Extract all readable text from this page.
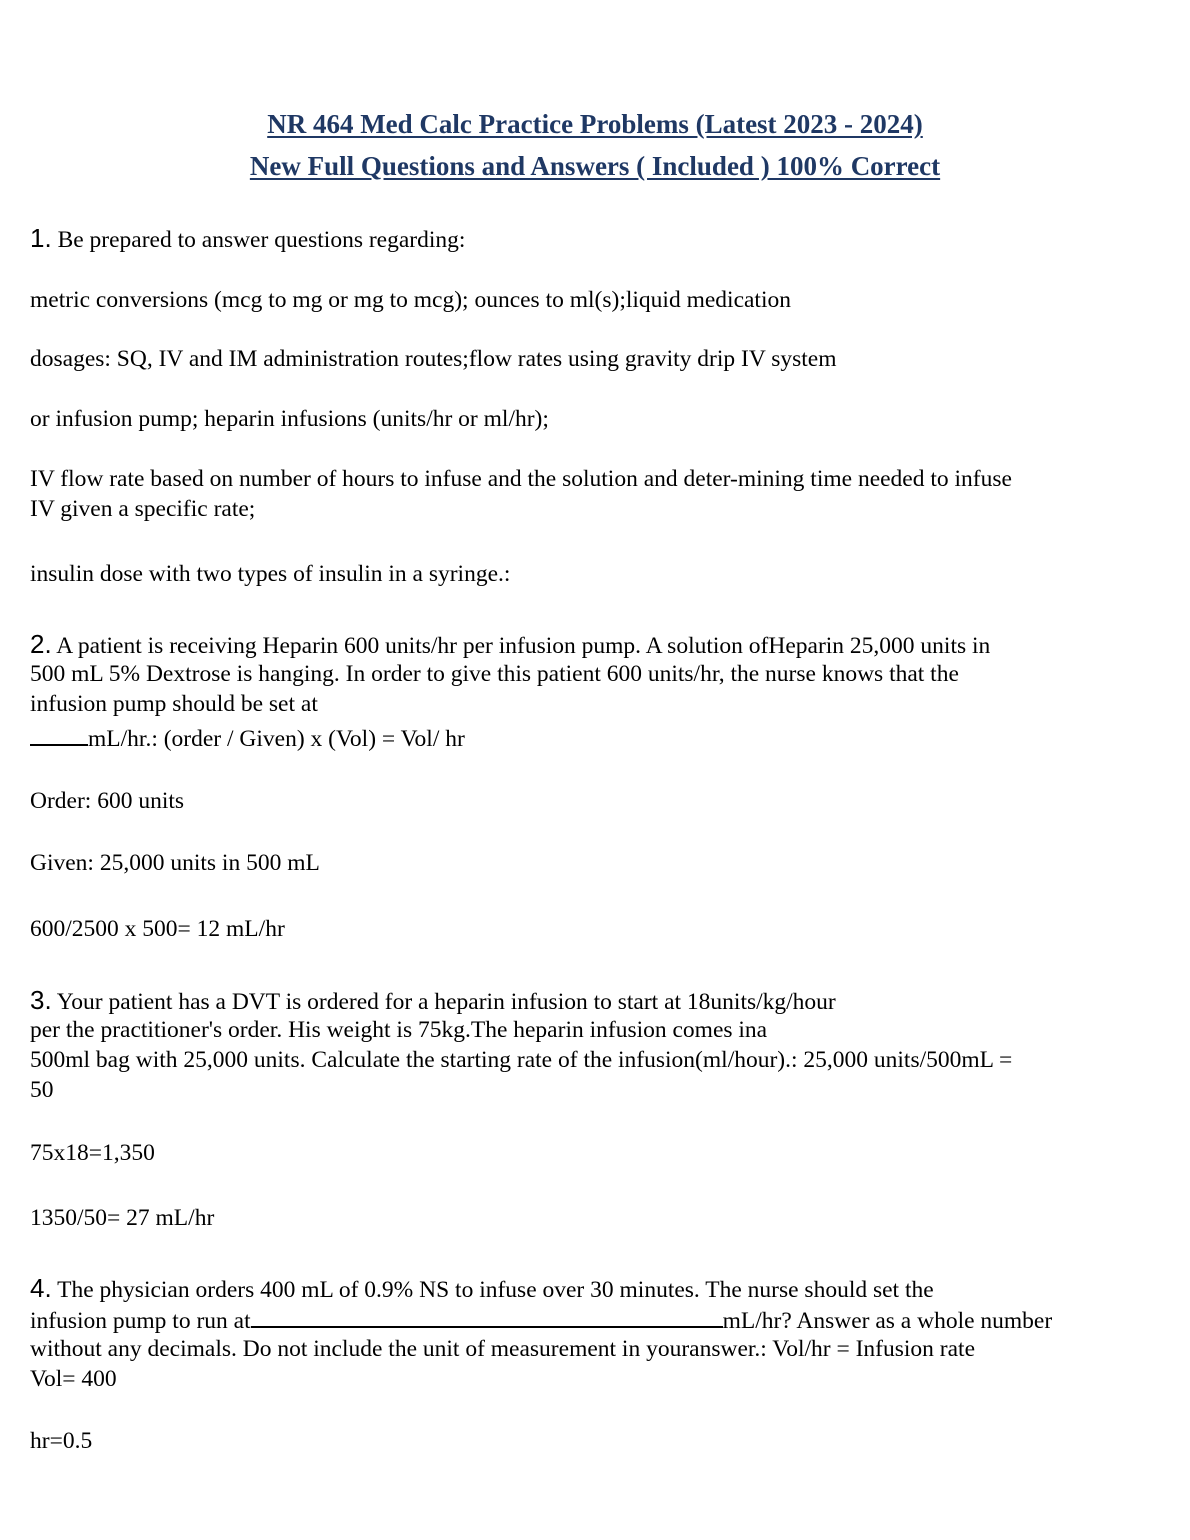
NR 464 Med Calc Practice Problems (Latest 2023 - 2024)
New Full Questions and Answers ( Included ) 100% Correct
1. Be prepared to answer questions regarding:
metric conversions (mcg to mg or mg to mcg); ounces to ml(s);liquid medication
dosages: SQ, IV and IM administration routes;flow rates using gravity drip IV system
or infusion pump; heparin infusions (units/hr or ml/hr);
IV flow rate based on number of hours to infuse and the solution and deter-mining time needed to infuse
IV given a specific rate;
insulin dose with two types of insulin in a syringe.:
2. A patient is receiving Heparin 600 units/hr per infusion pump. A solution ofHeparin 25,000 units in
500 mL 5% Dextrose is hanging. In order to give this patient 600 units/hr, the nurse knows that the
infusion pump should be set at
mL/hr.: (order / Given) x (Vol) = Vol/ hr
Order: 600 units
Given: 25,000 units in 500 mL
600/2500 x 500= 12 mL/hr
3. Your patient has a DVT is ordered for a heparin infusion to start at 18units/kg/hour
per the practitioner's order. His weight is 75kg.The heparin infusion comes ina
500ml bag with 25,000 units. Calculate the starting rate of the infusion(ml/hour).: 25,000 units/500mL =
50
75x18=1,350
1350/50= 27 mL/hr
4. The physician orders 400 mL of 0.9% NS to infuse over 30 minutes. The nurse should set the
infusion pump to run at	mL/hr? Answer as a whole number
without any decimals. Do not include the unit of measurement in youranswer.: Vol/hr = Infusion rate
Vol= 400
hr=0.5
